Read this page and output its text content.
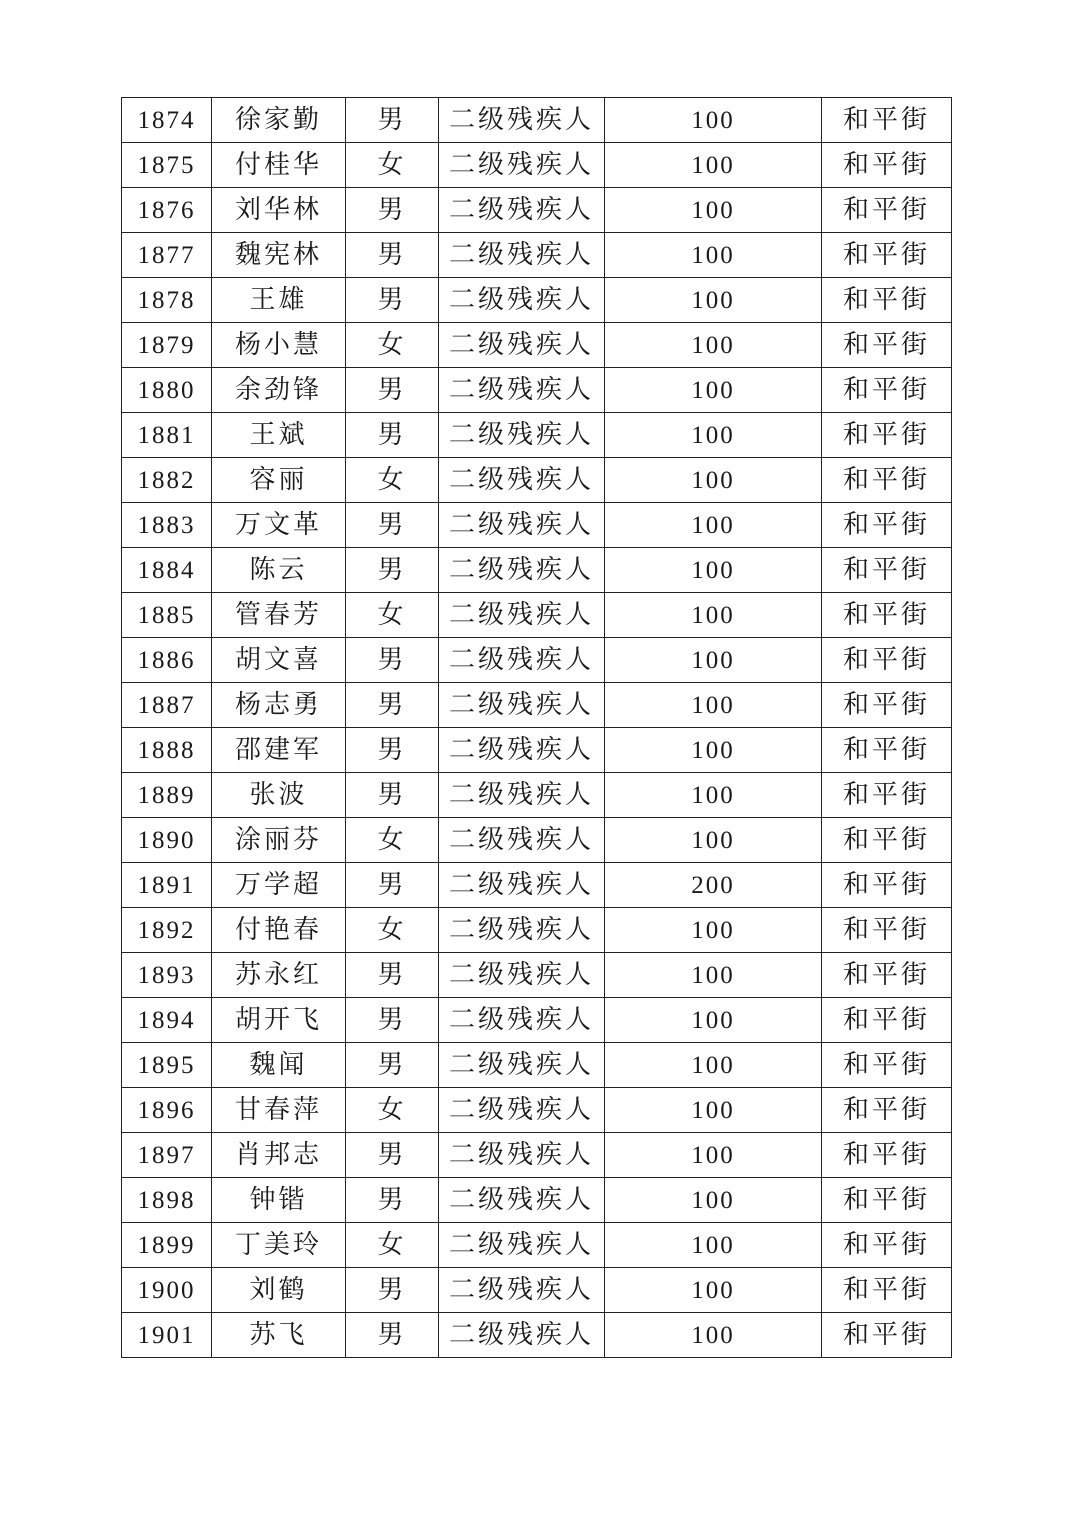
1874	徐家勤	男	二级残疾人	100	和平街
1875	付桂华	女	二级残疾人	100	和平街
1876	刘华林	男	二级残疾人	100	和平街
1877	魏宪林	男	二级残疾人	100	和平街
1878	王雄	男	二级残疾人	100	和平街
1879	杨小慧	女	二级残疾人	100	和平街
1880	余劲锋	男	二级残疾人	100	和平街
1881	王斌	男	二级残疾人	100	和平街
1882	容丽	女	二级残疾人	100	和平街
1883	万文革	男	二级残疾人	100	和平街
1884	陈云	男	二级残疾人	100	和平街
1885	管春芳	女	二级残疾人	100	和平街
1886	胡文喜	男	二级残疾人	100	和平街
1887	杨志勇	男	二级残疾人	100	和平街
1888	邵建军	男	二级残疾人	100	和平街
1889	张波	男	二级残疾人	100	和平街
1890	涂丽芬	女	二级残疾人	100	和平街
1891	万学超	男	二级残疾人	200	和平街
1892	付艳春	女	二级残疾人	100	和平街
1893	苏永红	男	二级残疾人	100	和平街
1894	胡开飞	男	二级残疾人	100	和平街
1895	魏闻	男	二级残疾人	100	和平街
1896	甘春萍	女	二级残疾人	100	和平街
1897	肖邦志	男	二级残疾人	100	和平街
1898	钟锴	男	二级残疾人	100	和平街
1899	丁美玲	女	二级残疾人	100	和平街
1900	刘鹤	男	二级残疾人	100	和平街
1901	苏飞	男	二级残疾人	100	和平街
